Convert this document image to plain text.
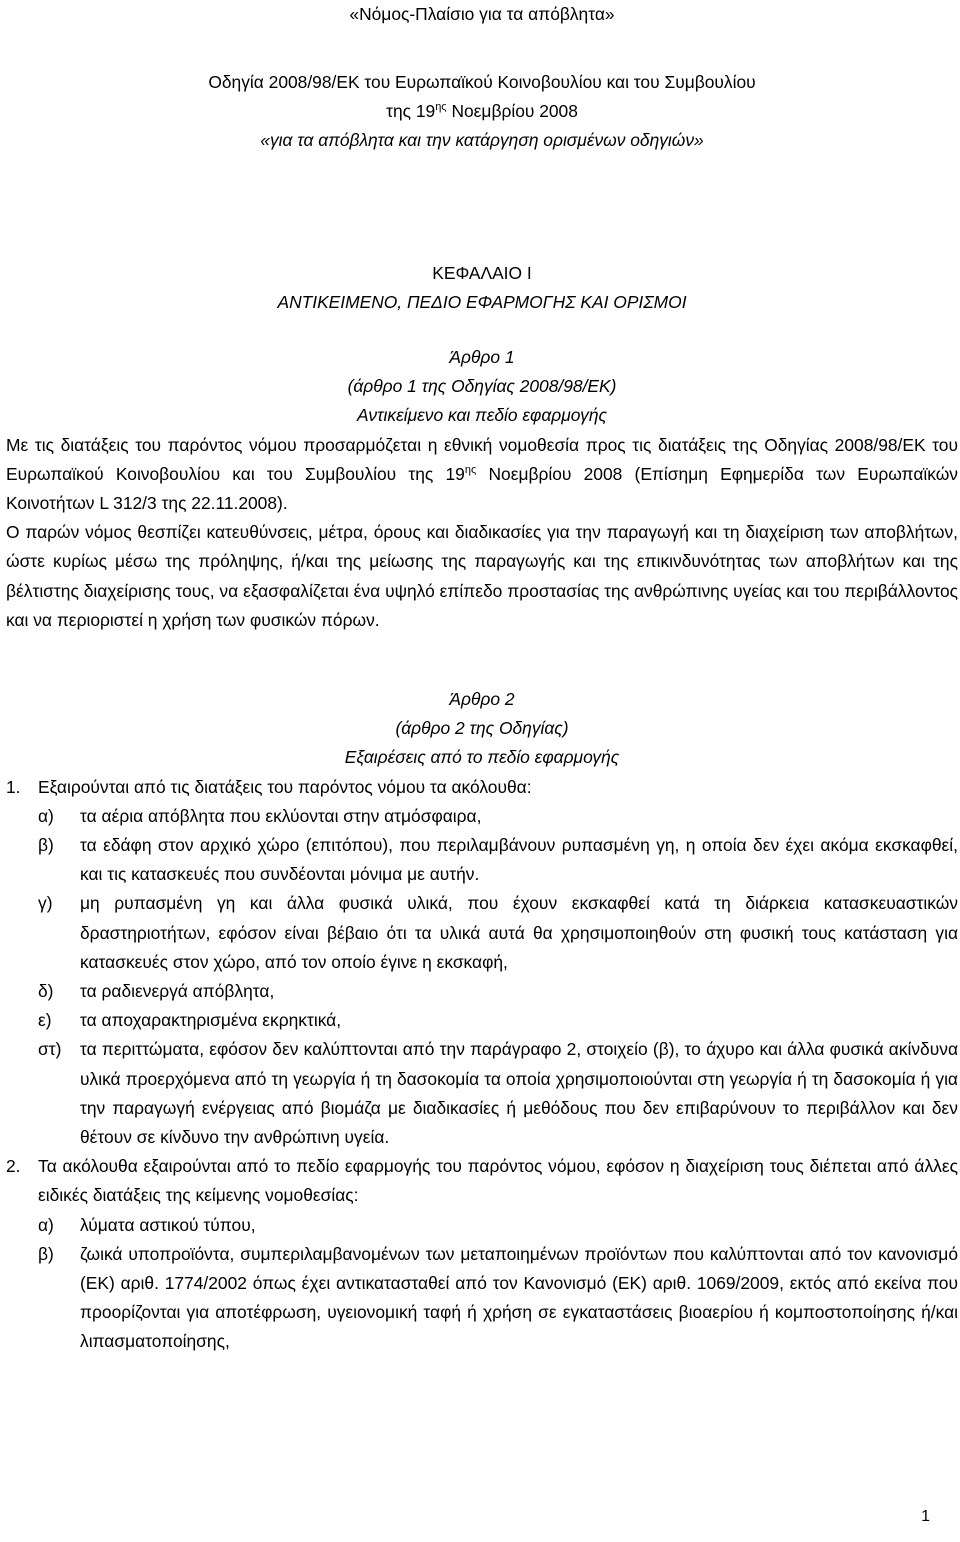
«Νόμος-Πλαίσιο για τα απόβλητα»
Οδηγία 2008/98/ΕΚ του Ευρωπαϊκού Κοινοβουλίου και του Συμβουλίου
της $19^{\eta\varsigma}$ Νοεμβρίου 2008
«για τα απόβλητα και την κατάργηση ορισμένων οδηγιών»
ΚΕΦΑΛΑΙΟ Ι
ΑΝΤΙΚΕΙΜΕΝΟ, ΠΕΔΙΟ ΕΦΑΡΜΟΓΗΣ ΚΑΙ ΟΡΙΣΜΟΙ
Άρθρο 1
(άρθρο 1 της Οδηγίας 2008/98/ΕΚ)
Αντικείμενο και πεδίο εφαρμογής

Με τις διατάξεις του παρόντος νόμου προσαρμόζεται η εθνική νομοθεσία προς τις διατάξεις της Οδηγίας 2008/98/ΕΚ του Ευρωπαϊκού Κοινοβουλίου και του Συμβουλίου της $19^{\eta\varsigma}$ Νοεμβρίου 2008 (Επίσημη Εφημερίδα των Ευρωπαϊκών Κοινοτήτων L 312/3 της 22.11.2008).

Ο παρών νόμος θεσπίζει κατευθύνσεις, μέτρα, όρους και διαδικασίες για την παραγωγή και τη διαχείριση των αποβλήτων, ώστε κυρίως μέσω της πρόληψης, ή/και της μείωσης της παραγωγής και της επικινδυνότητας των αποβλήτων και της βέλτιστης διαχείρισης τους, να εξασφαλίζεται ένα υψηλό επίπεδο προστασίας της ανθρώπινης υγείας και του περιβάλλοντος και να περιοριστεί η χρήση των φυσικών πόρων.

Άρθρο 2
(άρθρο 2 της Οδηγίας)
Εξαιρέσεις από το πεδίο εφαρμογής
1.	Εξαιρούνται από τις διατάξεις του παρόντος νόμου τα ακόλουθα:
α)	τα αέρια απόβλητα που εκλύονται στην ατμόσφαιρα,
β)	τα εδάφη στον αρχικό χώρο (επιτόπου), που περιλαμβάνουν ρυπασμένη γη, η οποία δεν έχει ακόμα εκσκαφθεί, και τις κατασκευές που συνδέονται μόνιμα με αυτήν.
γ)	μη ρυπασμένη γη και άλλα φυσικά υλικά, που έχουν εκσκαφθεί κατά τη διάρκεια κατασκευαστικών δραστηριοτήτων, εφόσον είναι βέβαιο ότι τα υλικά αυτά θα χρησιμοποιηθούν στη φυσική τους κατάσταση για κατασκευές στον χώρο, από τον οποίο έγινε η εκσκαφή,
δ)	τα ραδιενεργά απόβλητα,
ε)	τα αποχαρακτηρισμένα εκρηκτικά,
στ)	τα περιττώματα, εφόσον δεν καλύπτονται από την παράγραφο 2, στοιχείο (β), το άχυρο και άλλα φυσικά ακίνδυνα υλικά προερχόμενα από τη γεωργία ή τη δασοκομία τα οποία χρησιμοποιούνται στη γεωργία ή τη δασοκομία ή για την παραγωγή ενέργειας από βιομάζα με διαδικασίες ή μεθόδους που δεν επιβαρύνουν το περιβάλλον και δεν θέτουν σε κίνδυνο την ανθρώπινη υγεία.
2.	Τα ακόλουθα εξαιρούνται από το πεδίο εφαρμογής του παρόντος νόμου, εφόσον η διαχείριση τους διέπεται από άλλες ειδικές διατάξεις της κείμενης νομοθεσίας:
α)	λύματα αστικού τύπου,
β)	ζωικά υποπροϊόντα, συμπεριλαμβανομένων των μεταποιημένων προϊόντων που καλύπτονται από τον κανονισμό (ΕΚ) αριθ. 1774/2002 όπως έχει αντικατασταθεί από τον Κανονισμό (ΕΚ) αριθ. 1069/2009, εκτός από εκείνα που προορίζονται για αποτέφρωση, υγειονομική ταφή ή χρήση σε εγκαταστάσεις βιοαερίου ή κομποστοποίησης ή/και λιπασματοποίησης,
1
